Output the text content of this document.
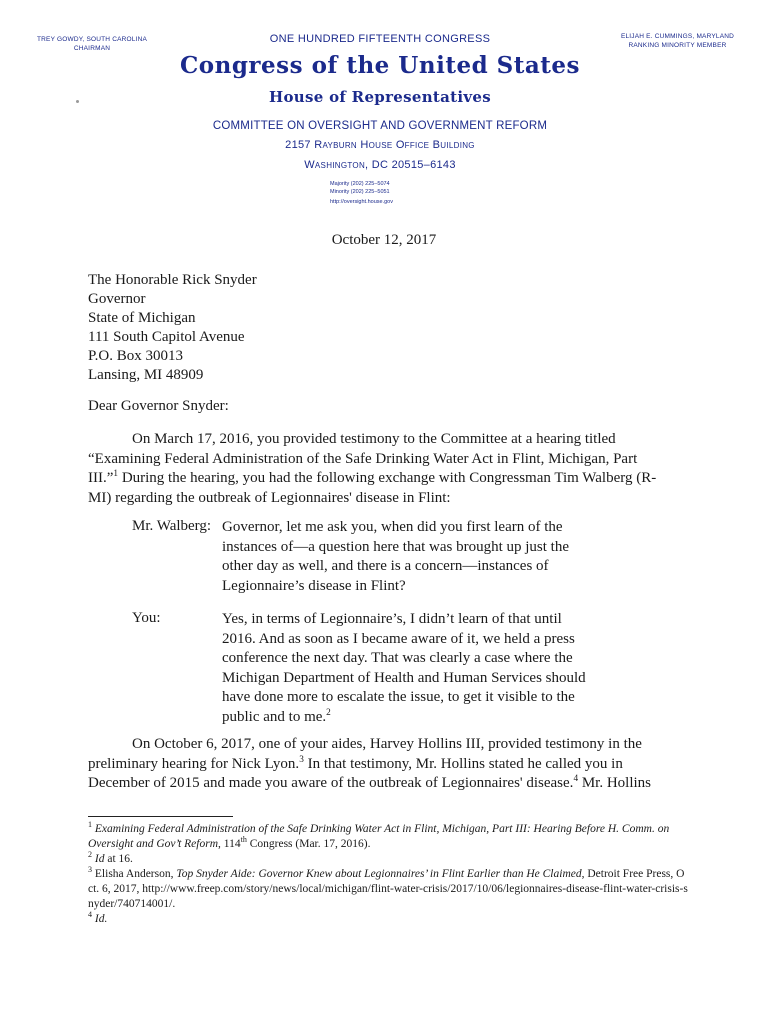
TREY GOWDY, SOUTH CAROLINA
CHAIRMAN
ONE HUNDRED FIFTEENTH CONGRESS	ELIJAH E. CUMMINGS, MARYLAND
RANKING MINORITY MEMBER
Congress of the United States
House of Representatives
COMMITTEE ON OVERSIGHT AND GOVERNMENT REFORM
2157 Rayburn House Office Building
Washington, DC 20515–6143
Majority (202) 225–5074
Minority (202) 225–5051
http://oversight.house.gov
October 12, 2017
The Honorable Rick Snyder
Governor
State of Michigan
111 South Capitol Avenue
P.O. Box 30013
Lansing, MI 48909
Dear Governor Snyder:
On March 17, 2016, you provided testimony to the Committee at a hearing titled
“Examining Federal Administration of the Safe Drinking Water Act in Flint, Michigan, Part
III.”$^1$ During the hearing, you had the following exchange with Congressman Tim Walberg (R-
MI) regarding the outbreak of Legionnaires' disease in Flint:
Mr. Walberg: Governor, let me ask you, when did you first learn of the
instances of—a question here that was brought up just the
other day as well, and there is a concern—instances of
Legionnaire’s disease in Flint?
You:	Yes, in terms of Legionnaire’s, I didn’t learn of that until
2016. And as soon as I became aware of it, we held a press
conference the next day. That was clearly a case where the
Michigan Department of Health and Human Services should
have done more to escalate the issue, to get it visible to the
public and to me.$^2$
On October 6, 2017, one of your aides, Harvey Hollins III, provided testimony in the
preliminary hearing for Nick Lyon.$^3$ In that testimony, Mr. Hollins stated he called you in
December of 2015 and made you aware of the outbreak of Legionnaires' disease.$^4$ Mr. Hollins
$^1$ Examining Federal Administration of the Safe Drinking Water Act in Flint, Michigan, Part III: Hearing Before H. Comm. on Oversight and Gov’t Reform, 114th Congress (Mar. 17, 2016).
$^2$ Id at 16.
$^3$ Elisha Anderson, Top Snyder Aide: Governor Knew about Legionnaires’ in Flint Earlier than He Claimed, Detroit Free Press, Oct. 6, 2017, http://www.freep.com/story/news/local/michigan/flint-water-crisis/2017/10/06/legionnaires-disease-flint-water-crisis-snyder/740714001/.
$^4$ Id.
